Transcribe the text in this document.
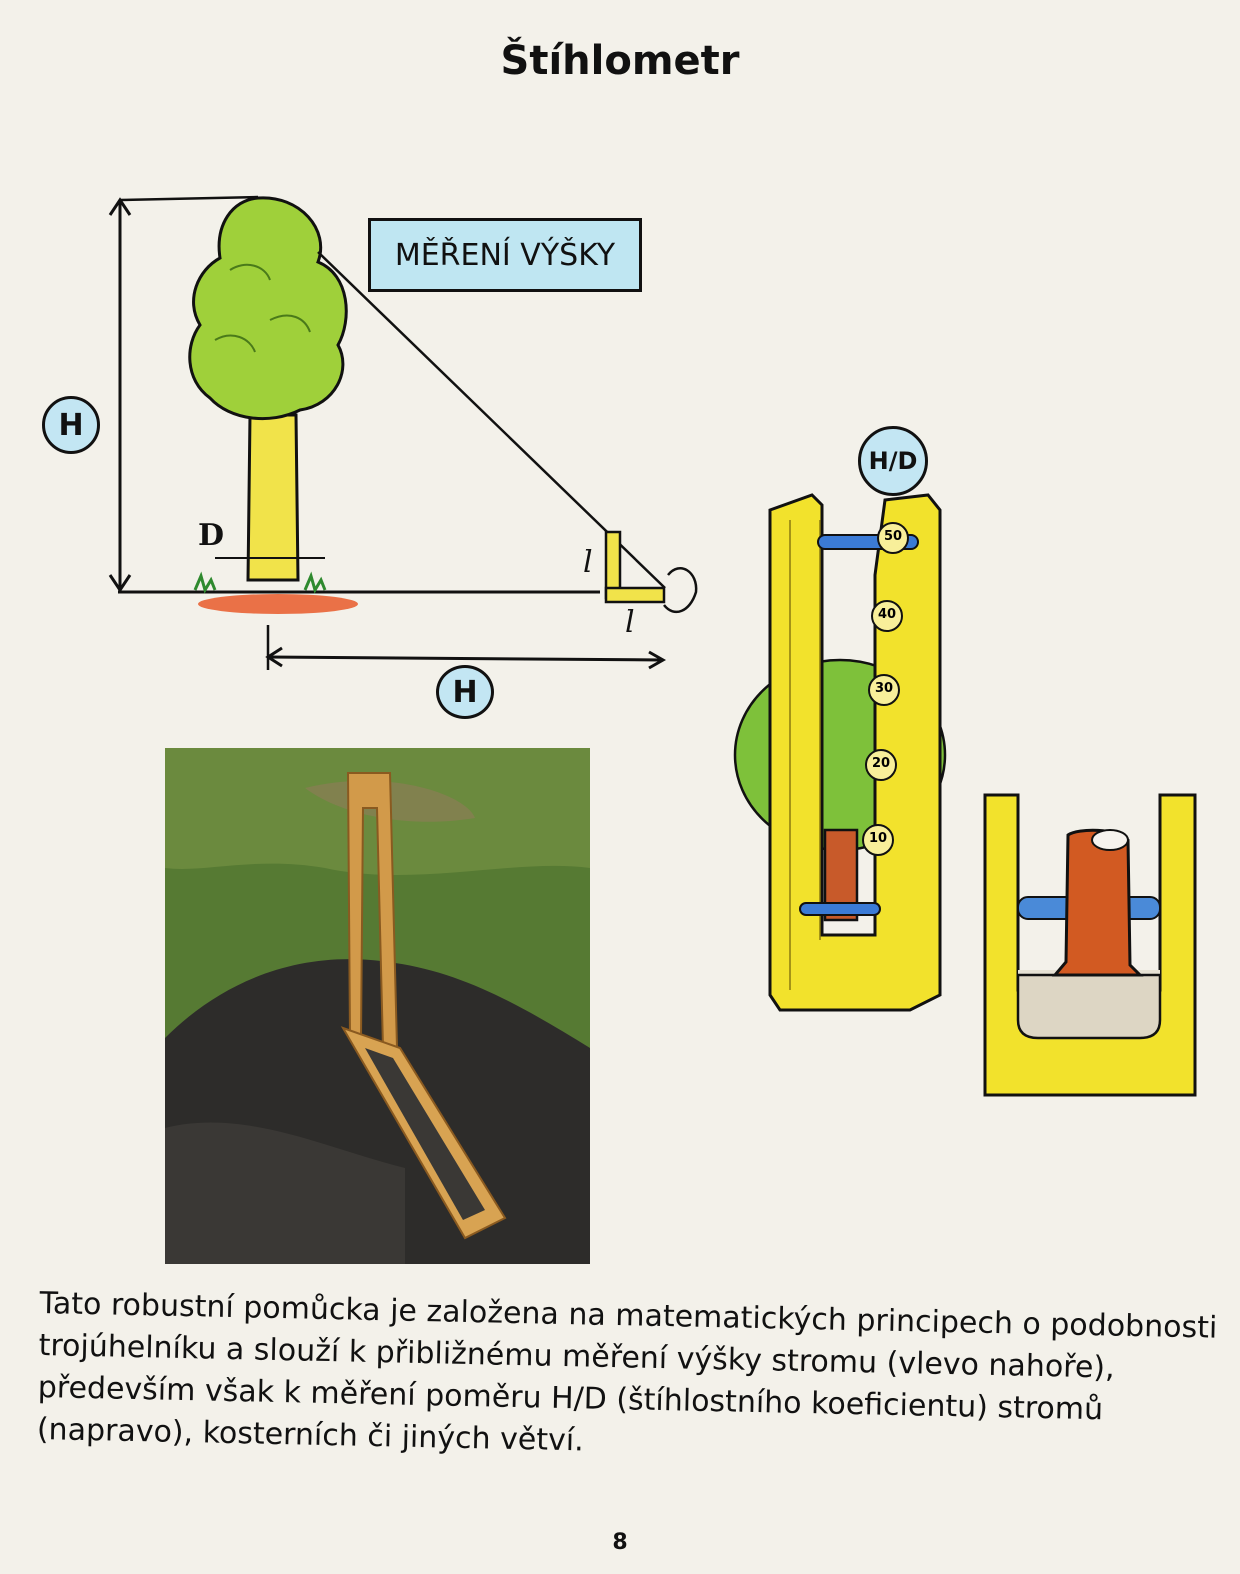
Štíhlometr
MĚŘENÍ VÝŠKY
H
H
D
l
l
H/D
50
40
30
20
10
Tato robustní pomůcka je založena na matematických principech o podobnosti trojúhelníku a slouží k přibližnému měření výšky stromu (vlevo nahoře), především však k měření poměru H/D (štíhlostního koeficientu) stromů (napravo), kosterních či jiných větví.
8
